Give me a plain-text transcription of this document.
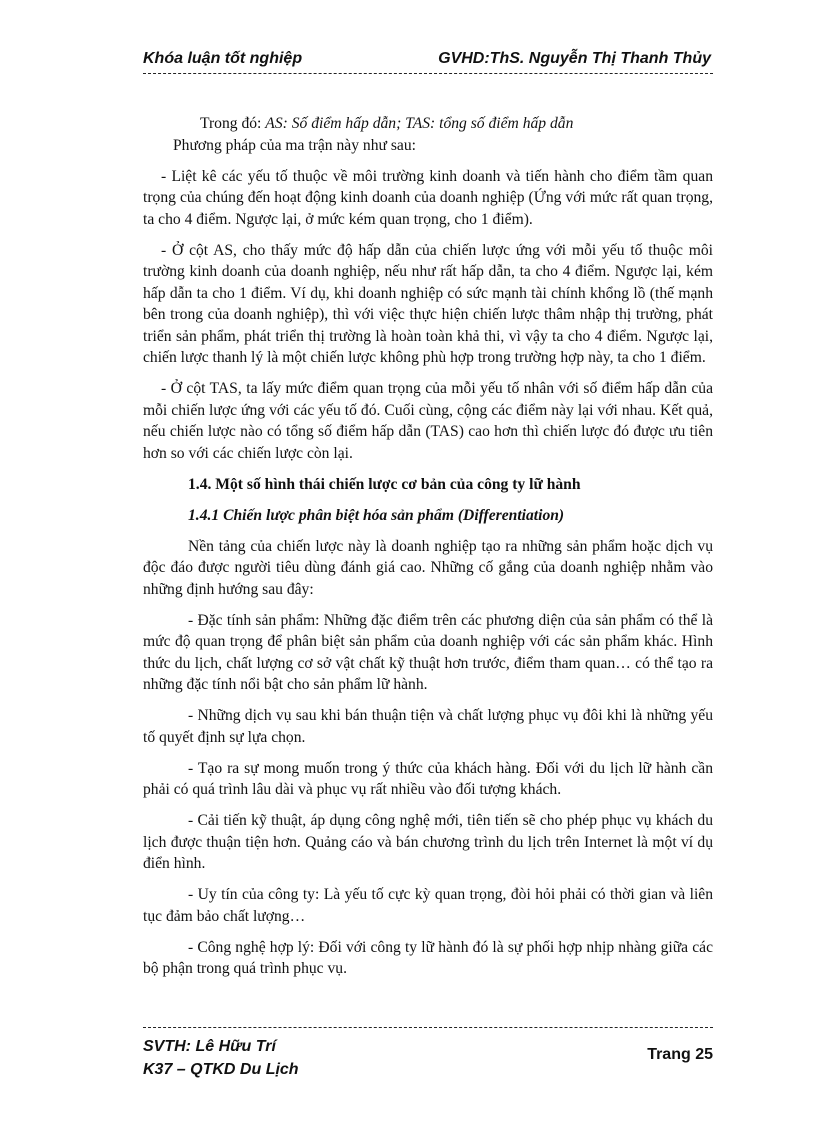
Khóa luận tốt nghiệp	GVHD:ThS. Nguyễn Thị Thanh Thủy

Trong đó: AS: Số điểm hấp dẫn; TAS: tổng số điểm hấp dẫn

Phương pháp của ma trận này như sau:

- Liệt kê các yếu tố thuộc về môi trường kinh doanh và tiến hành cho điểm tầm quan trọng của chúng đến hoạt động kinh doanh của doanh nghiệp (Ứng với mức rất quan trọng, ta cho 4 điểm. Ngược lại, ở mức kém quan trọng, cho 1 điểm).

- Ở cột AS, cho thấy mức độ hấp dẫn của chiến lược ứng với mỗi yếu tố thuộc môi trường kinh doanh của doanh nghiệp, nếu như rất hấp dẫn, ta cho 4 điểm. Ngược lại, kém hấp dẫn ta cho 1 điểm. Ví dụ, khi doanh nghiệp có sức mạnh tài chính khổng lồ (thế mạnh bên trong của doanh nghiệp), thì với việc thực hiện chiến lược thâm nhập thị trường, phát triển sản phẩm, phát triển thị trường là hoàn toàn khả thi, vì vậy ta cho 4 điểm. Ngược lại, chiến lược thanh lý là một chiến lược không phù hợp trong trường hợp này, ta cho 1 điểm.

- Ở cột TAS, ta lấy mức điểm quan trọng của mỗi yếu tố nhân với số điểm hấp dẫn của mỗi chiến lược ứng với các yếu tố đó. Cuối cùng, cộng các điểm này lại với nhau. Kết quả, nếu chiến lược nào có tổng số điểm hấp dẫn (TAS) cao hơn thì chiến lược đó được ưu tiên hơn so với các chiến lược còn lại.

1.4. Một số hình thái chiến lược cơ bản của công ty lữ hành

1.4.1 Chiến lược phân biệt hóa sản phẩm (Differentiation)

Nền tảng của chiến lược này là doanh nghiệp tạo ra những sản phẩm hoặc dịch vụ độc đáo được người tiêu dùng đánh giá cao. Những cố gắng của doanh nghiệp nhằm vào những định hướng sau đây:

- Đặc tính sản phẩm: Những đặc điểm trên các phương diện của sản phẩm có thể là mức độ quan trọng để phân biệt sản phẩm của doanh nghiệp với các sản phẩm khác. Hình thức du lịch, chất lượng cơ sở vật chất kỹ thuật hơn trước, điểm tham quan… có thể tạo ra những đặc tính nổi bật cho sản phẩm lữ hành.

- Những dịch vụ sau khi bán thuận tiện và chất lượng phục vụ đôi khi là những yếu tố quyết định sự lựa chọn.

- Tạo ra sự mong muốn trong ý thức của khách hàng. Đối với du lịch lữ hành cần phải có quá trình lâu dài và phục vụ rất nhiều vào đối tượng khách.

- Cải tiến kỹ thuật, áp dụng công nghệ mới, tiên tiến sẽ cho phép phục vụ khách du lịch được thuận tiện hơn. Quảng cáo và bán chương trình du lịch trên Internet là một ví dụ điển hình.

- Uy tín của công ty: Là yếu tố cực kỳ quan trọng, đòi hỏi phải có thời gian và liên tục đảm bảo chất lượng…

- Công nghệ hợp lý: Đối với công ty lữ hành đó là sự phối hợp nhịp nhàng giữa các bộ phận trong quá trình phục vụ.

SVTH: Lê Hữu Trí
K37 – QTKD Du Lịch
Trang 25
